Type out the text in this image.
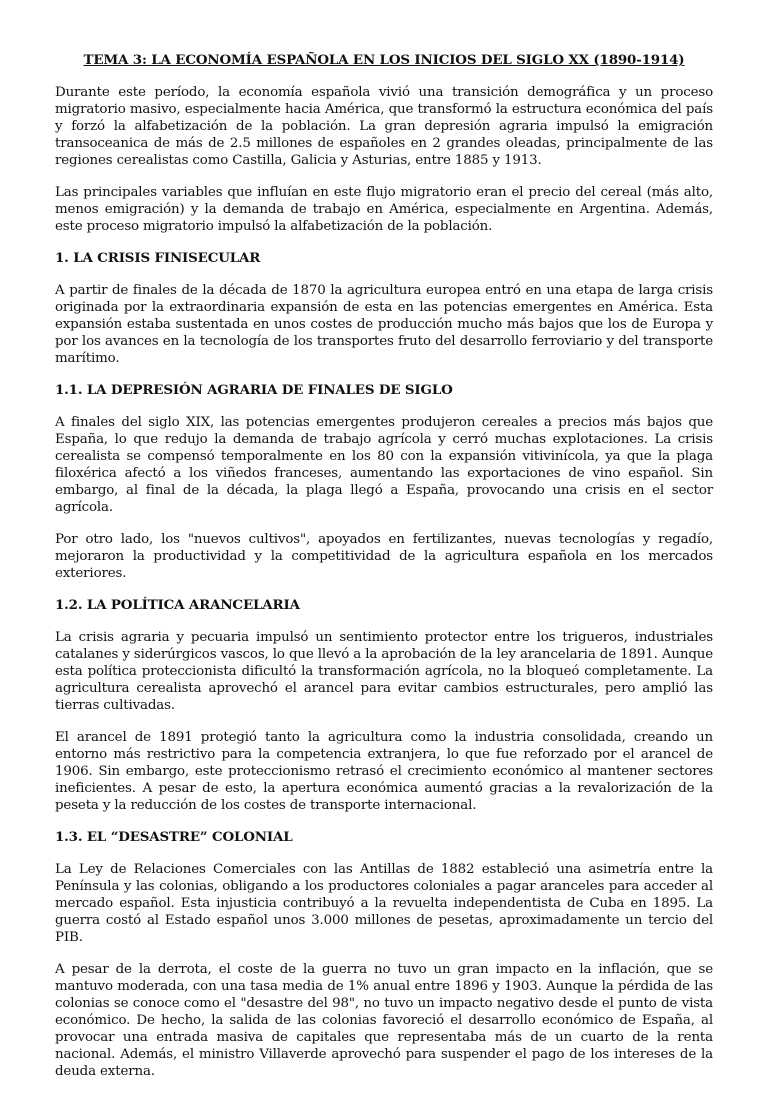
TEMA 3: LA ECONOMÍA ESPAÑOLA EN LOS INICIOS DEL SIGLO XX (1890-1914)

Durante este período, la economía española vivió una transición demográfica y un proceso migratorio masivo, especialmente hacia América, que transformó la estructura económica del país y forzó la alfabetización de la población. La gran depresión agraria impulsó la emigración transoceanica de más de 2.5 millones de españoles en 2 grandes oleadas, principalmente de las regiones cerealistas como Castilla, Galicia y Asturias, entre 1885 y 1913.

Las principales variables que influían en este flujo migratorio eran el precio del cereal (más alto, menos emigración) y la demanda de trabajo en América, especialmente en Argentina. Además, este proceso migratorio impulsó la alfabetización de la población.

1. LA CRISIS FINISECULAR

A partir de finales de la década de 1870 la agricultura europea entró en una etapa de larga crisis originada por la extraordinaria expansión de esta en las potencias emergentes en América. Esta expansión estaba sustentada en unos costes de producción mucho más bajos que los de Europa y por los avances en la tecnología de los transportes fruto del desarrollo ferroviario y del transporte marítimo.

1.1. LA DEPRESIÓN AGRARIA DE FINALES DE SIGLO

A finales del siglo XIX, las potencias emergentes produjeron cereales a precios más bajos que España, lo que redujo la demanda de trabajo agrícola y cerró muchas explotaciones. La crisis cerealista se compensó temporalmente en los 80 con la expansión vitivinícola, ya que la plaga filoxérica afectó a los viñedos franceses, aumentando las exportaciones de vino español. Sin embargo, al final de la década, la plaga llegó a España, provocando una crisis en el sector agrícola.

Por otro lado, los "nuevos cultivos", apoyados en fertilizantes, nuevas tecnologías y regadío, mejoraron la productividad y la competitividad de la agricultura española en los mercados exteriores.

1.2. LA POLÍTICA ARANCELARIA

La crisis agraria y pecuaria impulsó un sentimiento protector entre los trigueros, industriales catalanes y siderúrgicos vascos, lo que llevó a la aprobación de la ley arancelaria de 1891. Aunque esta política proteccionista dificultó la transformación agrícola, no la bloqueó completamente. La agricultura cerealista aprovechó el arancel para evitar cambios estructurales, pero amplió las tierras cultivadas.

El arancel de 1891 protegió tanto la agricultura como la industria consolidada, creando un entorno más restrictivo para la competencia extranjera, lo que fue reforzado por el arancel de 1906. Sin embargo, este proteccionismo retrasó el crecimiento económico al mantener sectores ineficientes. A pesar de esto, la apertura económica aumentó gracias a la revalorización de la peseta y la reducción de los costes de transporte internacional.

1.3. EL “DESASTRE” COLONIAL

La Ley de Relaciones Comerciales con las Antillas de 1882 estableció una asimetría entre la Península y las colonias, obligando a los productores coloniales a pagar aranceles para acceder al mercado español. Esta injusticia contribuyó a la revuelta independentista de Cuba en 1895. La guerra costó al Estado español unos 3.000 millones de pesetas, aproximadamente un tercio del PIB.

A pesar de la derrota, el coste de la guerra no tuvo un gran impacto en la inflación, que se mantuvo moderada, con una tasa media de 1% anual entre 1896 y 1903. Aunque la pérdida de las colonias se conoce como el "desastre del 98", no tuvo un impacto negativo desde el punto de vista económico. De hecho, la salida de las colonias favoreció el desarrollo económico de España, al provocar una entrada masiva de capitales que representaba más de un cuarto de la renta nacional. Además, el ministro Villaverde aprovechó para suspender el pago de los intereses de la deuda externa.
